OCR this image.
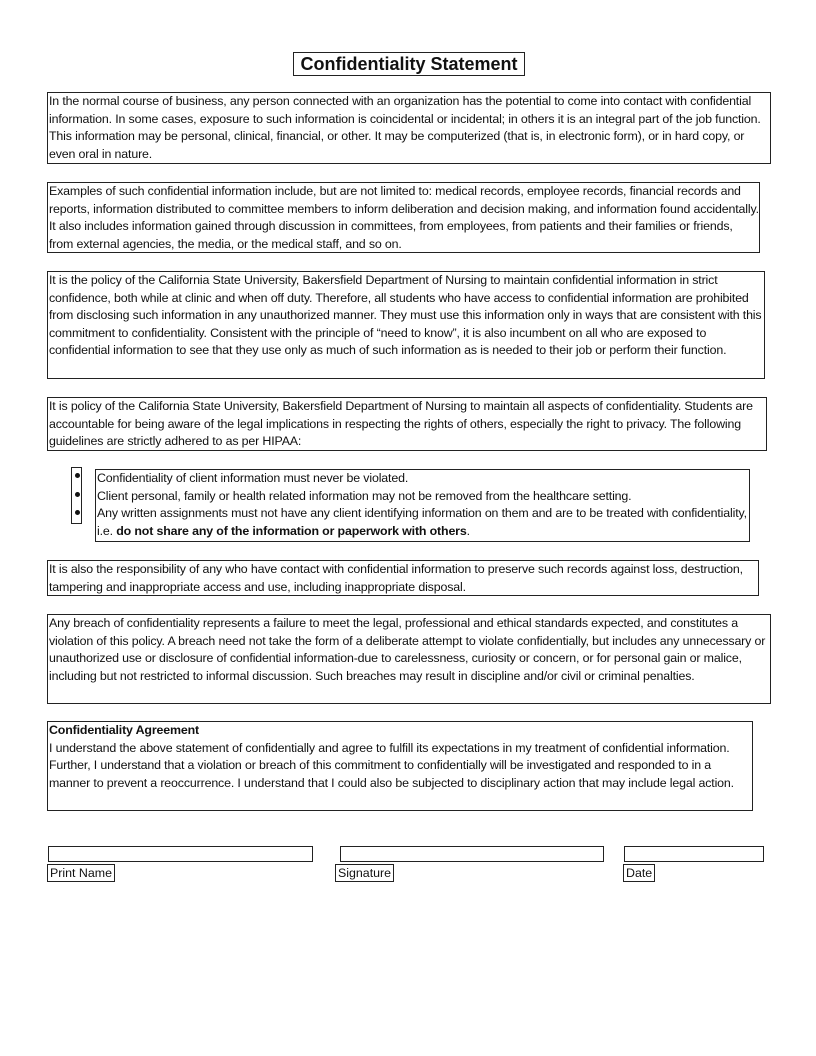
Confidentiality Statement
In the normal course of business, any person connected with an organization has the potential to come into contact with confidential information. In some cases, exposure to such information is coincidental or incidental; in others it is an integral part of the job function. This information may be personal, clinical, financial, or other. It may be computerized (that is, in electronic form), or in hard copy, or even oral in nature.
Examples of such confidential information include, but are not limited to: medical records, employee records, financial records and reports, information distributed to committee members to inform deliberation and decision making, and information found accidentally. It also includes information gained through discussion in committees, from employees, from patients and their families or friends, from external agencies, the media, or the medical staff, and so on.
It is the policy of the California State University, Bakersfield Department of Nursing to maintain confidential information in strict confidence, both while at clinic and when off duty. Therefore, all students who have access to confidential information are prohibited from disclosing such information in any unauthorized manner. They must use this information only in ways that are consistent with this commitment to confidentiality. Consistent with the principle of “need to know”, it is also incumbent on all who are exposed to confidential information to see that they use only as much of such information as is needed to their job or perform their function.
It is policy of the California State University, Bakersfield Department of Nursing to maintain all aspects of confidentiality. Students are accountable for being aware of the legal implications in respecting the rights of others, especially the right to privacy. The following guidelines are strictly adhered to as per HIPAA:
Confidentiality of client information must never be violated.
Client personal, family or health related information may not be removed from the healthcare setting.
Any written assignments must not have any client identifying information on them and are to be treated with confidentiality, i.e. do not share any of the information or paperwork with others.
It is also the responsibility of any who have contact with confidential information to preserve such records against loss, destruction, tampering and inappropriate access and use, including inappropriate disposal.
Any breach of confidentiality represents a failure to meet the legal, professional and ethical standards expected, and constitutes a violation of this policy. A breach need not take the form of a deliberate attempt to violate confidentially, but includes any unnecessary or unauthorized use or disclosure of confidential information-due to carelessness, curiosity or concern, or for personal gain or malice, including but not restricted to informal discussion. Such breaches may result in discipline and/or civil or criminal penalties.
Confidentiality Agreement
I understand the above statement of confidentially and agree to fulfill its expectations in my treatment of confidential information. Further, I understand that a violation or breach of this commitment to confidentially will be investigated and responded to in a manner to prevent a reoccurrence. I understand that I could also be subjected to disciplinary action that may include legal action.
Print Name	Signature	Date
